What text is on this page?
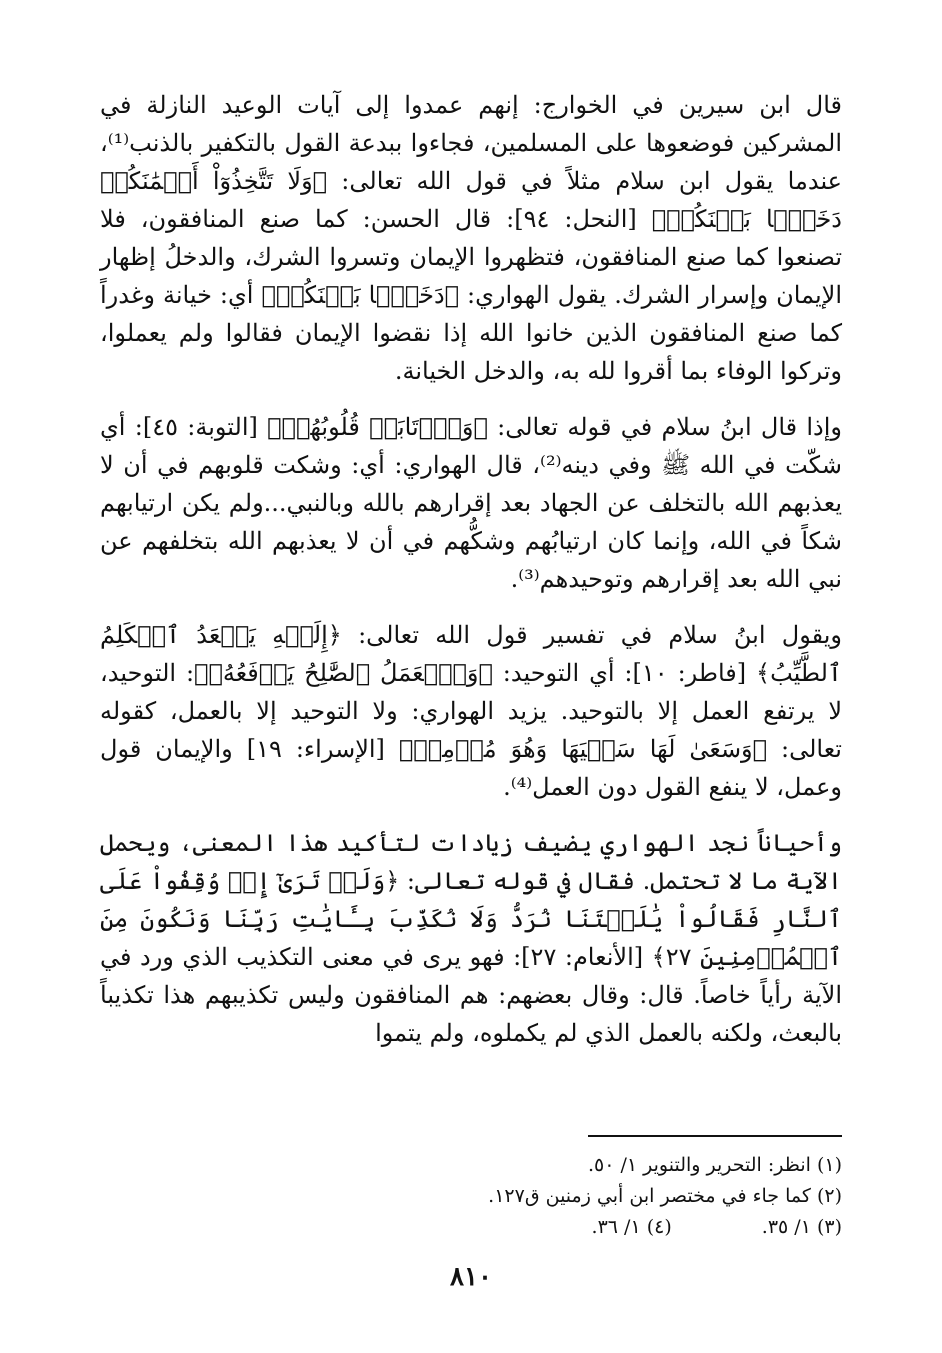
قال ابن سيرين في الخوارج: إنهم عمدوا إلى آيات الوعيد النازلة في المشركين فوضعوها على المسلمين، فجاءوا ببدعة القول بالتكفير بالذنب⁽¹⁾، عندما يقول ابن سلام مثلاً في قول الله تعالى: ﴿وَلَا تَتَّخِذُوٓاْ أَيۡمَٰنَكُمۡ دَخَلَۢا بَيۡنَكُمۡ﴾ [النحل: ٩٤]: قال الحسن: كما صنع المنافقون، فلا تصنعوا كما صنع المنافقون، فتظهروا الإيمان وتسروا الشرك، والدخلُ إظهار الإيمان وإسرار الشرك. يقول الهواري: ﴿دَخَلَۢا بَيۡنَكُمۡ﴾ أي: خيانة وغدراً كما صنع المنافقون الذين خانوا الله إذا نقضوا الإيمان فقالوا ولم يعملوا، وتركوا الوفاء بما أقروا لله به، والدخل الخيانة.

وإذا قال ابنُ سلام في قوله تعالى: ﴿وَٱرۡتَابَتۡ قُلُوبُهُمۡ﴾ [التوبة: ٤٥]: أي شكّت في الله ﷺ وفي دينه⁽²⁾، قال الهواري: أي: وشكت قلوبهم في أن لا يعذبهم الله بالتخلف عن الجهاد بعد إقرارهم بالله وبالنبي...ولم يكن ارتيابهم شكاً في الله، وإنما كان ارتيابُهم وشكُّهم في أن لا يعذبهم الله بتخلفهم عن نبي الله بعد إقرارهم وتوحيدهم⁽³⁾.

ويقول ابنُ سلام في تفسير قول الله تعالى: ﴿إِلَيۡهِ يَصۡعَدُ ٱلۡكَلِمُ ٱلطَّيِّبُ﴾ [فاطر: ١٠]: أي التوحيد: ﴿وَٱلۡعَمَلُ ٱلصَّٰلِحُ يَرۡفَعُهُۥ﴾: التوحيد، لا يرتفع العمل إلا بالتوحيد. يزيد الهواري: ولا التوحيد إلا بالعمل، كقوله تعالى: ﴿وَسَعَىٰ لَهَا سَعۡيَهَا وَهُوَ مُؤۡمِنٞ﴾ [الإسراء: ١٩] والإيمان قول وعمل، لا ينفع القول دون العمل⁽⁴⁾.

وأحياناً نجد الهواري يضيف زيادات لتأكيد هذا المعنى، ويحمل الآية ما لا تحتمل. فقال في قوله تعالى: ﴿وَلَوۡ تَرَىٰٓ إِذۡ وُقِفُواْ عَلَى ٱلنَّارِ فَقَالُواْ يَٰلَيۡتَنَا نُرَدُّ وَلَا نُكَذِّبَ بِـَٔايَٰتِ رَبِّنَا وَنَكُونَ مِنَ ٱلۡمُؤۡمِنِينَ ٢٧﴾ [الأنعام: ٢٧]: فهو يرى في معنى التكذيب الذي ورد في الآية رأياً خاصاً. قال: وقال بعضهم: هم المنافقون وليس تكذيبهم هذا تكذيباً بالبعث، ولكنه بالعمل الذي لم يكملوه، ولم يتموا

(١) انظر: التحرير والتنوير ١/ ٥٠.
(٢) كما جاء في مختصر ابن أبي زمنين ق١٢٧.
(٣) ١/ ٣٥.
(٤) ١/ ٣٦.
٨١٠
